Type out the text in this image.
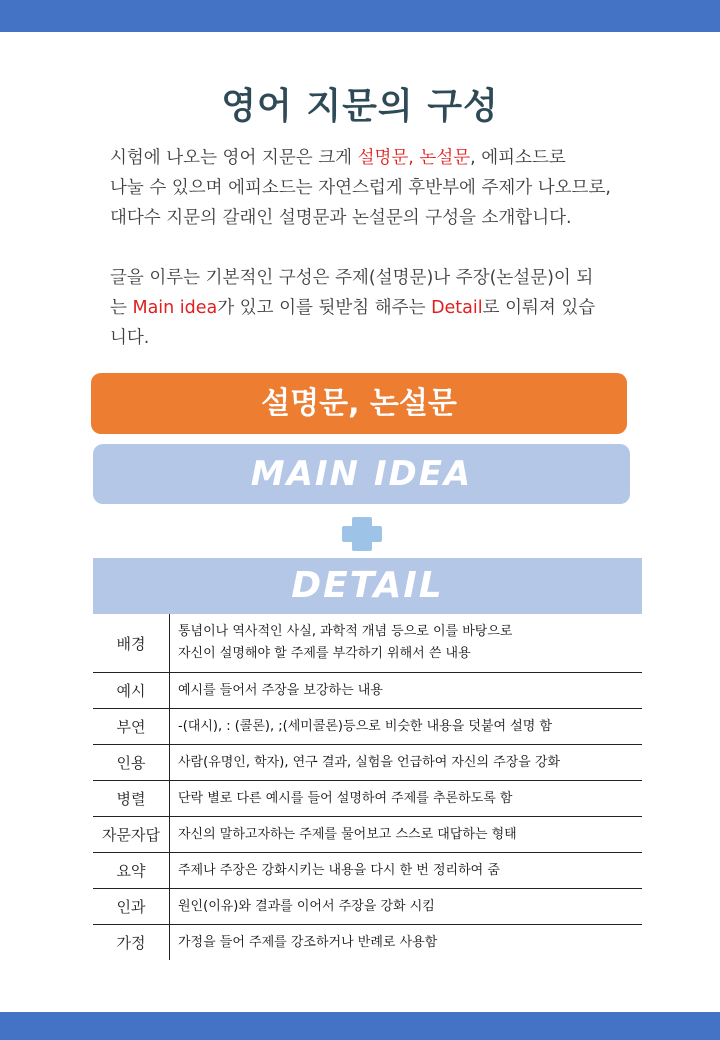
영어 지문의 구성

시험에 나오는 영어 지문은 크게 설명문, 논설문, 에피소드로
나눌 수 있으며 에피소드는 자연스럽게 후반부에 주제가 나오므로,
대다수 지문의 갈래인 설명문과 논설문의 구성을 소개합니다.

글을 이루는 기본적인 구성은 주제(설명문)나 주장(논설문)이 되
는 Main idea가 있고 이를 뒷받침 해주는 Detail로 이뤄져 있습
니다.

설명문, 논설문
MAIN IDEA
DETAIL
배경	통념이나 역사적인 사실, 과학적 개념 등으로 이를 바탕으로
자신이 설명해야 할 주제를 부각하기 위해서 쓴 내용
예시	예시를 들어서 주장을 보강하는 내용
부연	-(대시), : (콜론), ;(세미콜론)등으로 비슷한 내용을 덧붙여 설명 함
인용	사람(유명인, 학자), 연구 결과, 실험을 언급하여 자신의 주장을 강화
병렬	단락 별로 다른 예시를 들어 설명하여 주제를 추론하도록 함
자문자답	자신의 말하고자하는 주제를 물어보고 스스로 대답하는 형태
요약	주제나 주장은 강화시키는 내용을 다시 한 번 정리하여 줌
인과	원인(이유)와 결과를 이어서 주장을 강화 시킴
가정	가정을 들어 주제를 강조하거나 반례로 사용함
